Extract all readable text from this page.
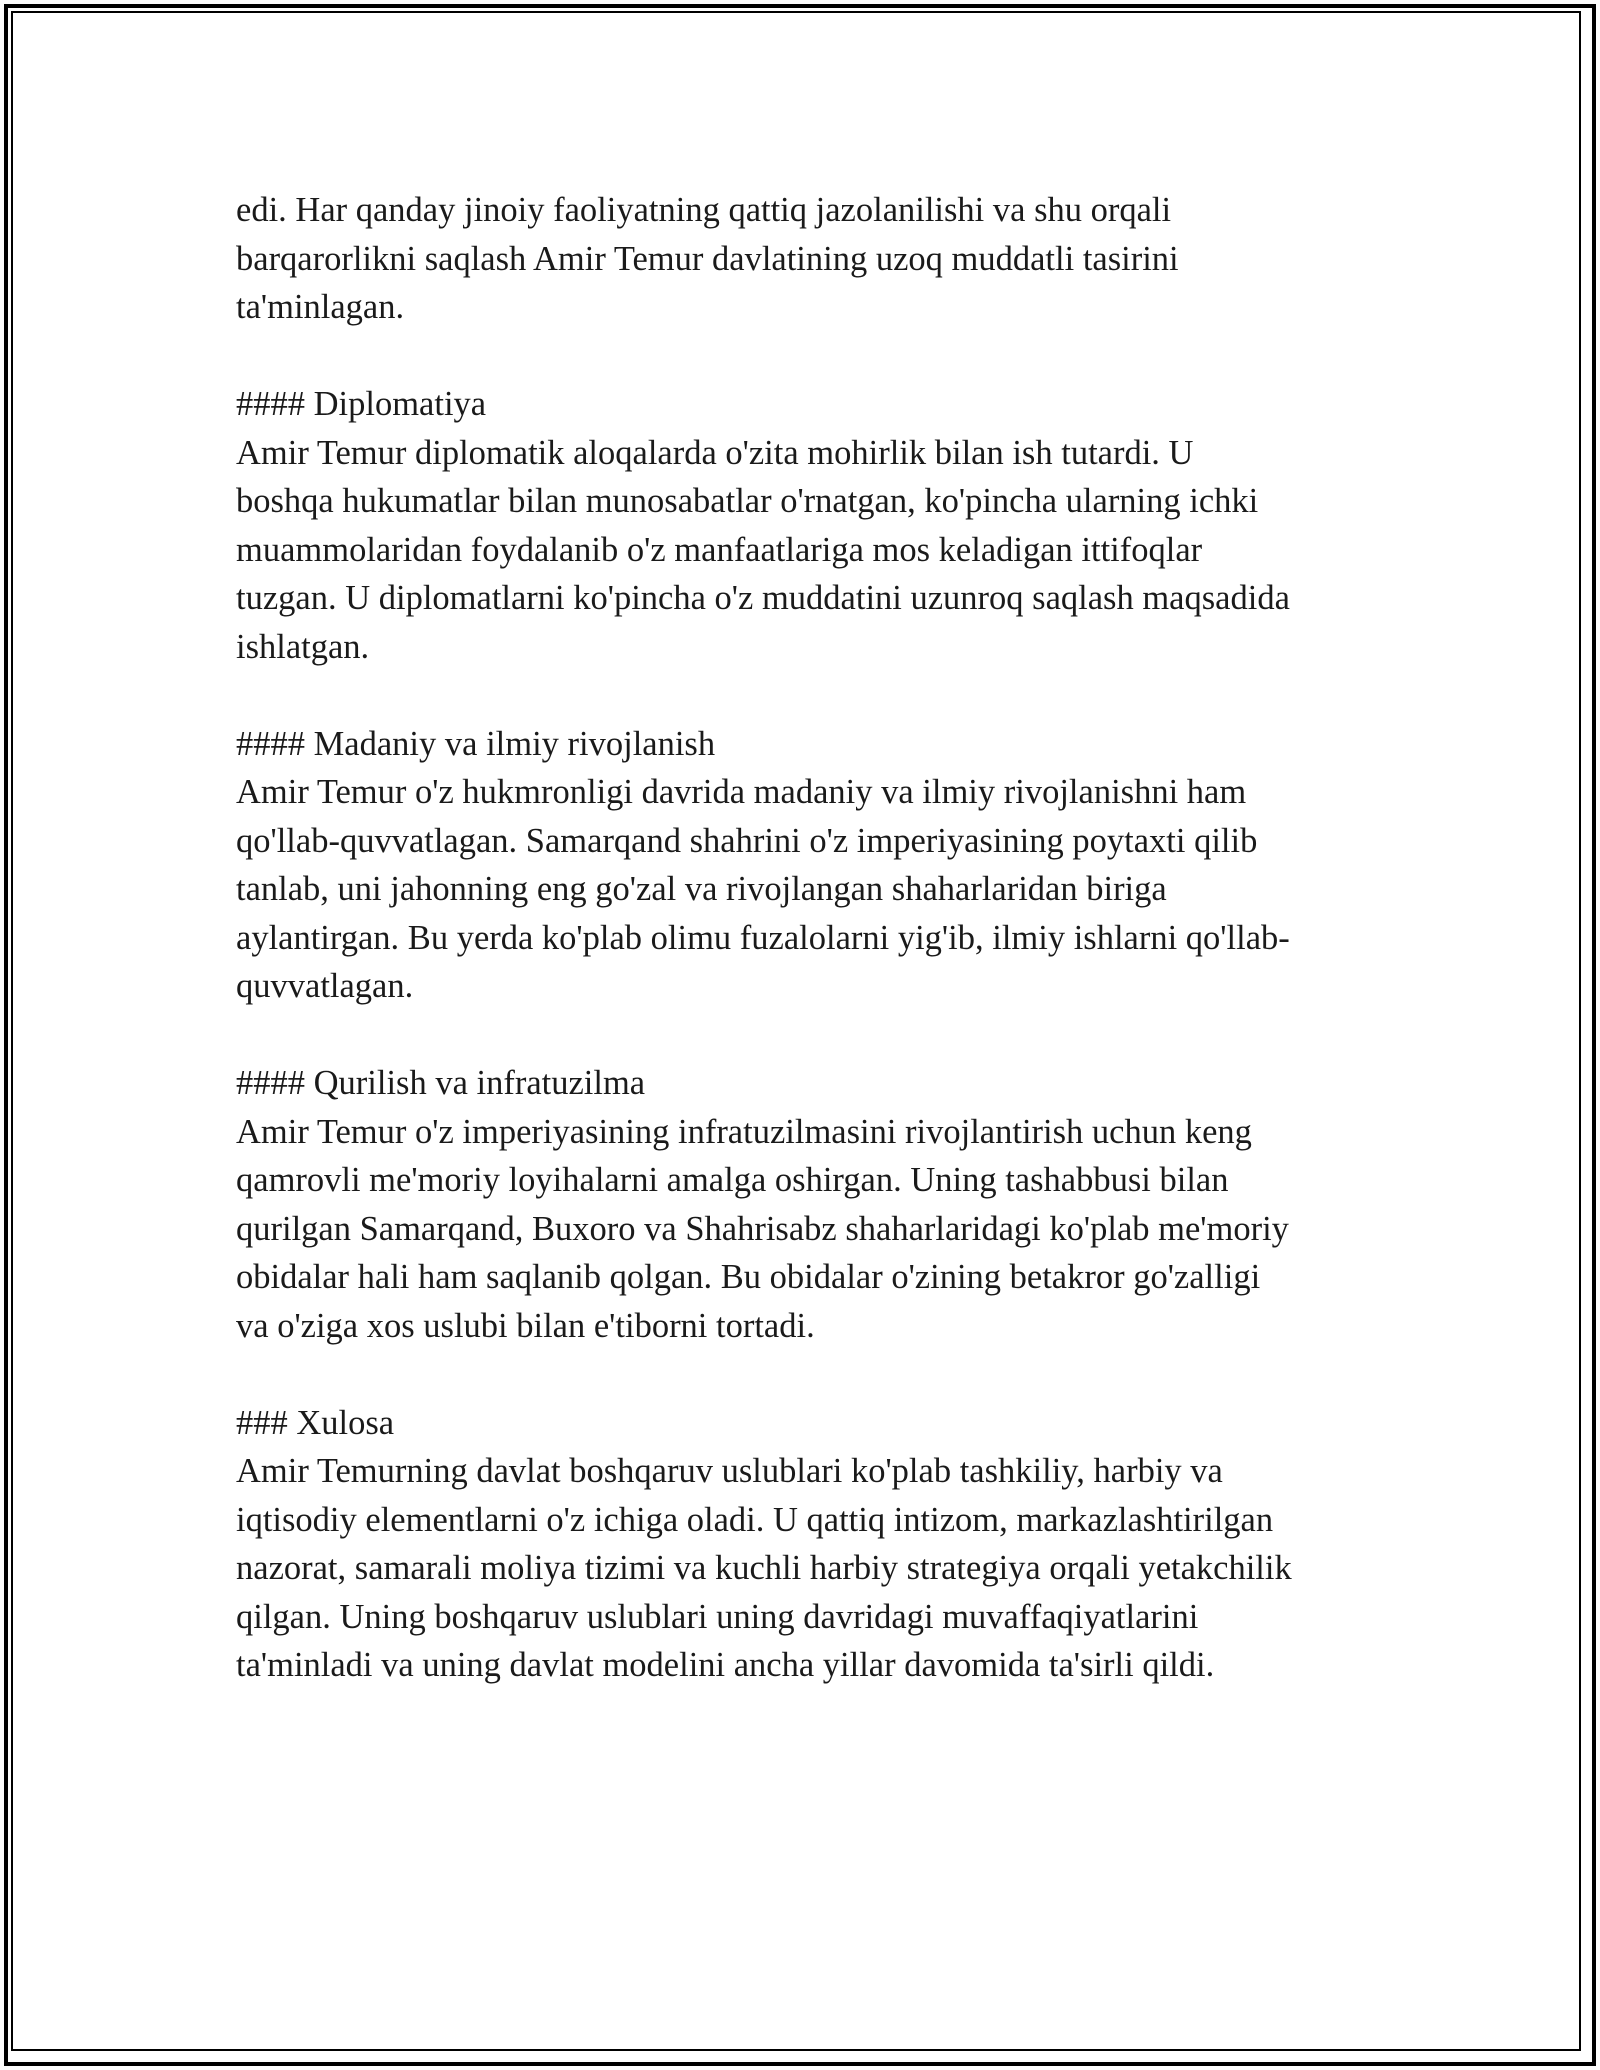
edi. Har qanday jinoiy faoliyatning qattiq jazolanilishi va shu orqali
barqarorlikni saqlash Amir Temur davlatining uzoq muddatli tasirini
ta'minlagan.

#### Diplomatiya

Amir Temur diplomatik aloqalarda o'zita mohirlik bilan ish tutardi. U
boshqa hukumatlar bilan munosabatlar o'rnatgan, ko'pincha ularning ichki
muammolaridan foydalanib o'z manfaatlariga mos keladigan ittifoqlar
tuzgan. U diplomatlarni ko'pincha o'z muddatini uzunroq saqlash maqsadida
ishlatgan.

#### Madaniy va ilmiy rivojlanish

Amir Temur o'z hukmronligi davrida madaniy va ilmiy rivojlanishni ham
qo'llab-quvvatlagan. Samarqand shahrini o'z imperiyasining poytaxti qilib
tanlab, uni jahonning eng go'zal va rivojlangan shaharlaridan biriga
aylantirgan. Bu yerda ko'plab olimu fuzalolarni yig'ib, ilmiy ishlarni qo'llab-
quvvatlagan.

#### Qurilish va infratuzilma

Amir Temur o'z imperiyasining infratuzilmasini rivojlantirish uchun keng
qamrovli me'moriy loyihalarni amalga oshirgan. Uning tashabbusi bilan
qurilgan Samarqand, Buxoro va Shahrisabz shaharlaridagi ko'plab me'moriy
obidalar hali ham saqlanib qolgan. Bu obidalar o'zining betakror go'zalligi
va o'ziga xos uslubi bilan e'tiborni tortadi.

### Xulosa

Amir Temurning davlat boshqaruv uslublari ko'plab tashkiliy, harbiy va
iqtisodiy elementlarni o'z ichiga oladi. U qattiq intizom, markazlashtirilgan
nazorat, samarali moliya tizimi va kuchli harbiy strategiya orqali yetakchilik
qilgan. Uning boshqaruv uslublari uning davridagi muvaffaqiyatlarini
ta'minladi va uning davlat modelini ancha yillar davomida ta'sirli qildi.
